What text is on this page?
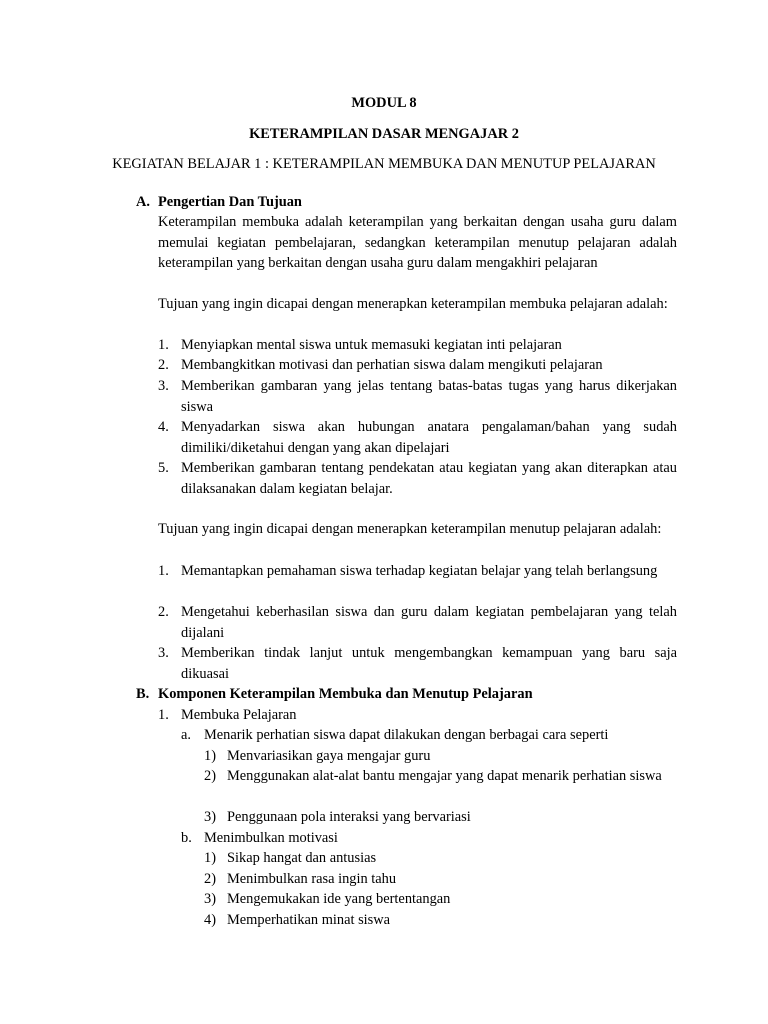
MODUL 8
KETERAMPILAN DASAR MENGAJAR 2
KEGIATAN BELAJAR 1 : KETERAMPILAN MEMBUKA DAN MENUTUP PELAJARAN
A. Pengertian Dan Tujuan
Keterampilan membuka adalah keterampilan yang berkaitan dengan usaha guru dalam memulai kegiatan pembelajaran, sedangkan keterampilan menutup pelajaran adalah keterampilan yang berkaitan dengan usaha guru dalam mengakhiri pelajaran
Tujuan yang ingin dicapai dengan menerapkan keterampilan membuka pelajaran adalah:
1. Menyiapkan mental siswa untuk memasuki kegiatan inti pelajaran
2. Membangkitkan motivasi dan perhatian siswa dalam mengikuti pelajaran
3. Memberikan gambaran yang jelas tentang batas-batas tugas yang harus dikerjakan siswa
4. Menyadarkan siswa akan hubungan anatara pengalaman/bahan yang sudah dimiliki/diketahui dengan yang akan dipelajari
5. Memberikan gambaran tentang pendekatan atau kegiatan yang akan diterapkan atau dilaksanakan dalam kegiatan belajar.
Tujuan yang ingin dicapai dengan menerapkan keterampilan menutup pelajaran adalah:
1. Memantapkan pemahaman siswa terhadap kegiatan belajar yang telah berlangsung
2. Mengetahui keberhasilan siswa dan guru dalam kegiatan pembelajaran yang telah dijalani
3. Memberikan tindak lanjut untuk mengembangkan kemampuan yang baru saja dikuasai
B. Komponen Keterampilan Membuka dan Menutup Pelajaran
1. Membuka Pelajaran
a. Menarik perhatian siswa dapat dilakukan dengan berbagai cara seperti
1) Menvariasikan gaya mengajar guru
2) Menggunakan alat-alat bantu mengajar yang dapat menarik perhatian siswa
3) Penggunaan pola interaksi yang bervariasi
b. Menimbulkan motivasi
1) Sikap hangat dan antusias
2) Menimbulkan rasa ingin tahu
3) Mengemukakan ide yang bertentangan
4) Memperhatikan minat siswa
